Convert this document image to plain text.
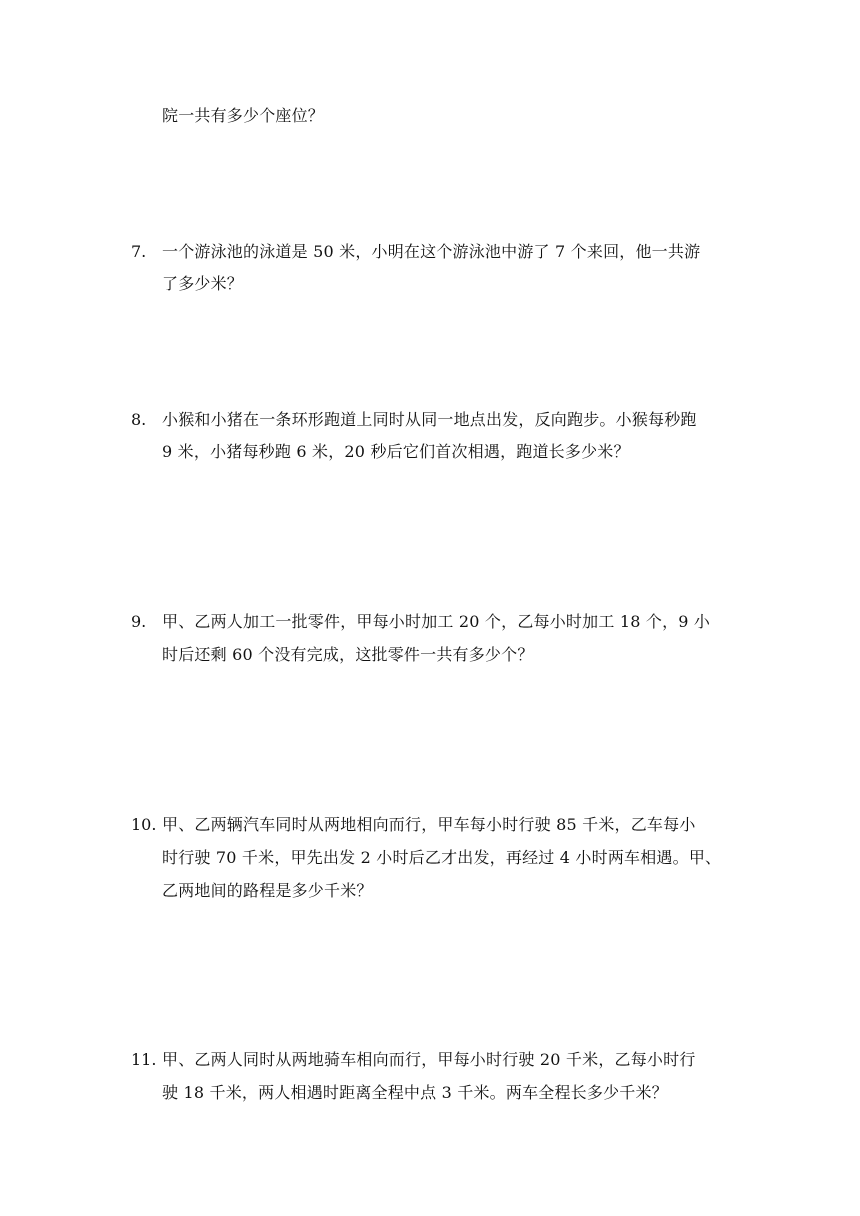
院一共有多少个座位？
7. 一个游泳池的泳道是 50 米，小明在这个游泳池中游了 7 个来回，他一共游
了多少米？
8. 小猴和小猪在一条环形跑道上同时从同一地点出发，反向跑步。小猴每秒跑
9 米，小猪每秒跑 6 米，20 秒后它们首次相遇，跑道长多少米？
9. 甲、乙两人加工一批零件，甲每小时加工 20 个，乙每小时加工 18 个，9 小
时后还剩 60 个没有完成，这批零件一共有多少个？
10. 甲、乙两辆汽车同时从两地相向而行，甲车每小时行驶 85 千米，乙车每小
时行驶 70 千米，甲先出发 2 小时后乙才出发，再经过 4 小时两车相遇。甲、
乙两地间的路程是多少千米？
11. 甲、乙两人同时从两地骑车相向而行，甲每小时行驶 20 千米，乙每小时行
驶 18 千米，两人相遇时距离全程中点 3 千米。两车全程长多少千米？
